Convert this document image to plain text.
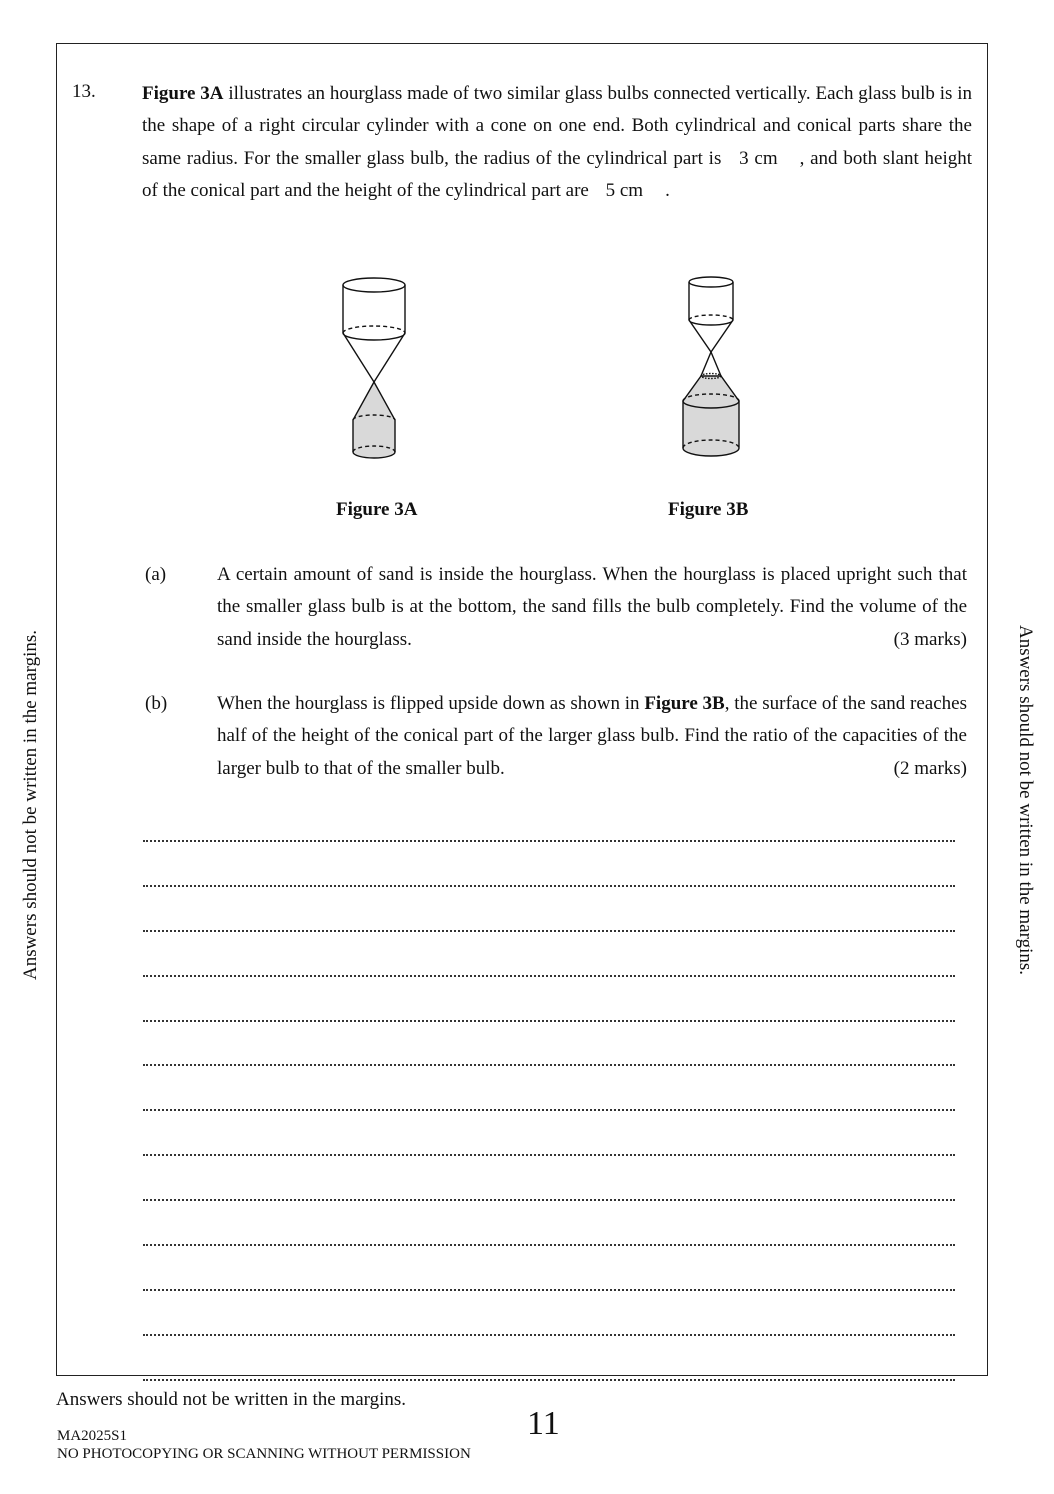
13. Figure 3A illustrates an hourglass made of two similar glass bulbs connected vertically. Each glass bulb is in the shape of a right circular cylinder with a cone on one end. Both cylindrical and conical parts share the same radius. For the smaller glass bulb, the radius of the cylindrical part is 3 cm , and both slant height of the conical part and the height of the cylindrical part are 5 cm .
Figure 3A	Figure 3B
(a)	A certain amount of sand is inside the hourglass. When the hourglass is placed upright such that the smaller glass bulb is at the bottom, the sand fills the bulb completely. Find the volume of the sand inside the hourglass.	(3 marks)
(b)	When the hourglass is flipped upside down as shown in Figure 3B, the surface of the sand reaches half of the height of the conical part of the larger glass bulb. Find the ratio of the capacities of the larger bulb to that of the smaller bulb.	(2 marks)
Answers should not be written in the margins.	Answers should not be written in the margins.
Answers should not be written in the margins.
MA2025S1	11
NO PHOTOCOPYING OR SCANNING WITHOUT PERMISSION
